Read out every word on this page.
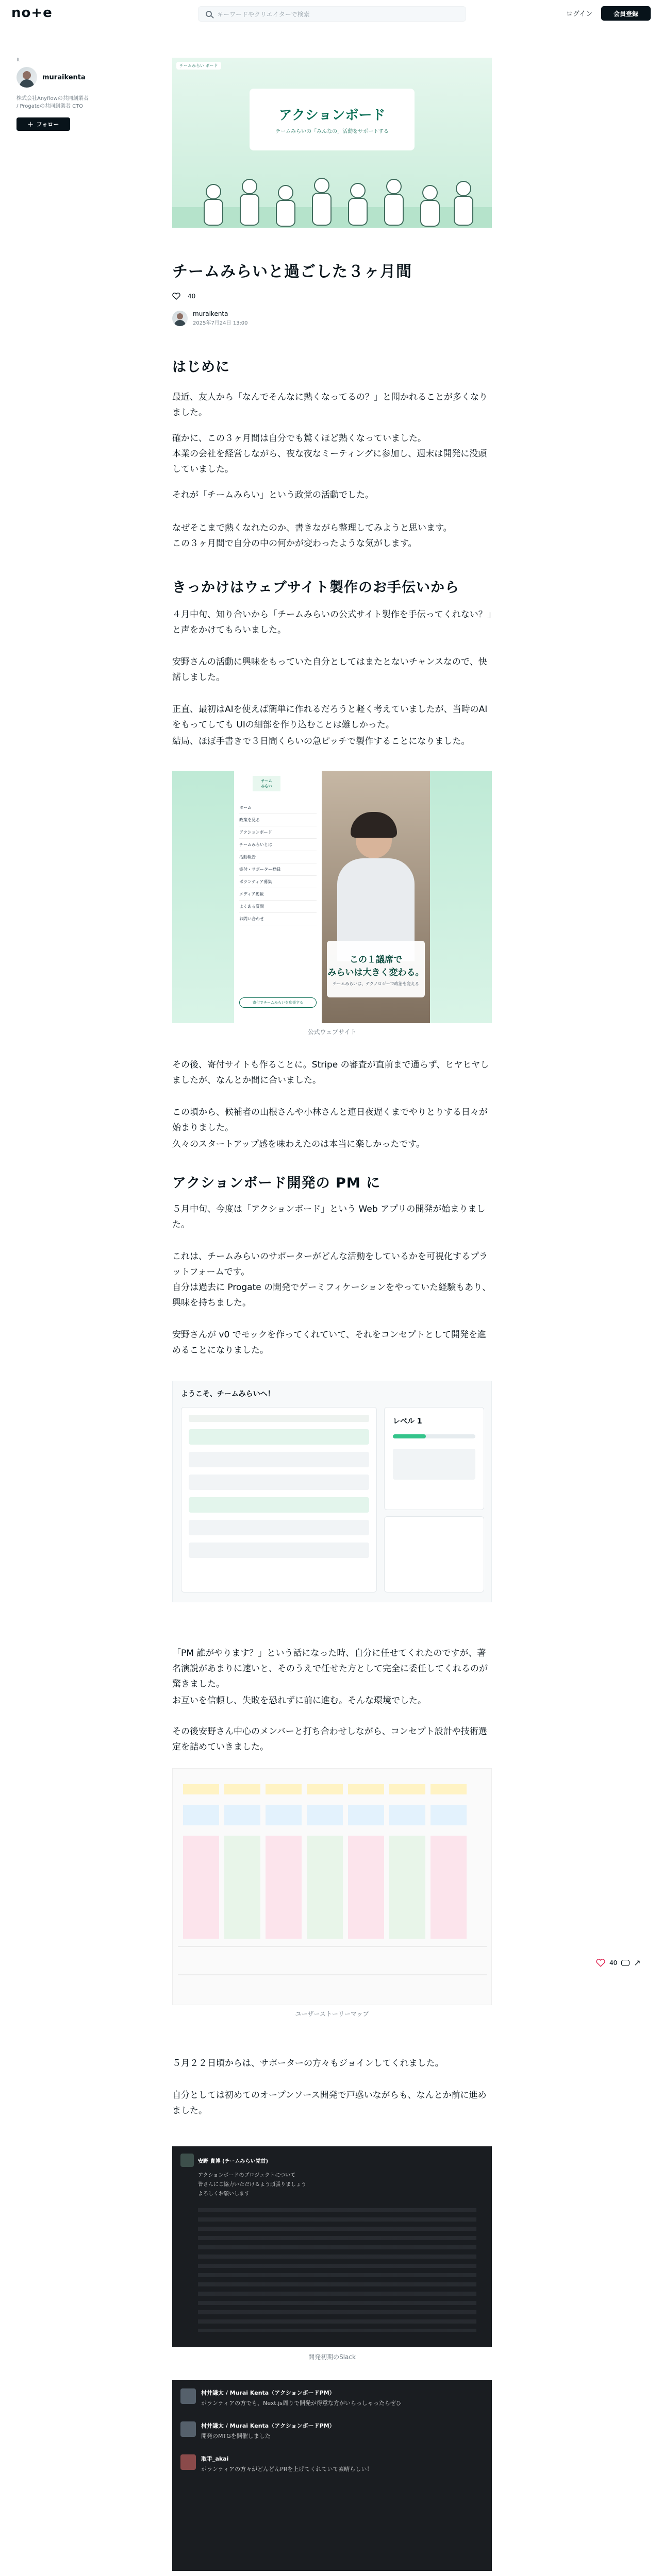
no+e	キーワードやクリエイターで検索	ログイン	会員登録
ft
muraikenta
株式会社Anyflowの共同創業者 / Progateの共同創業者 CTO
＋ フォロー
チームみらい ボード
アクションボード
チームみらいの「みんなの」活動をサポートする
チームみらいと過ごした３ヶ月間
40
muraikenta
2025年7月24日 13:00
はじめに
最近、友人から「なんでそんなに熱くなってるの？」と聞かれることが多くなりました。
確かに、この３ヶ月間は自分でも驚くほど熱くなっていました。
本業の会社を経営しながら、夜な夜なミーティングに参加し、週末は開発に没頭していました。
それが「チームみらい」という政党の活動でした。
なぜそこまで熱くなれたのか、書きながら整理してみようと思います。
この３ヶ月間で自分の中の何かが変わったような気がします。
きっかけはウェブサイト製作のお手伝いから
４月中旬、知り合いから「チームみらいの公式サイト製作を手伝ってくれない？」と声をかけてもらいました。
安野さんの活動に興味をもっていた自分としてはまたとないチャンスなので、快諾しました。
正直、最初はAIを使えば簡単に作れるだろうと軽く考えていましたが、当時のAIをもってしても UIの細部を作り込むことは難しかった。
結局、ほぼ手書きで３日間くらいの急ピッチで製作することになりました。
ホーム
政策を見る
アクションボード
チームみらいとは
活動報告
寄付・サポーター登録
ボランティア募集
メディア掲載
よくある質問
お問い合わせ
この１議席で
みらいは大きく変わる。
チームみらいは、テクノロジーで政治を変える
チーム
みらい
寄付でチームみらいを応援する
公式ウェブサイト
その後、寄付サイトも作ることに。Stripe の審査が直前まで通らず、ヒヤヒヤしましたが、なんとか間に合いました。
この頃から、候補者の山根さんや小林さんと連日夜遅くまでやりとりする日々が始まりました。
久々のスタートアップ感を味わえたのは本当に楽しかったです。
アクションボード開発の PM に
５月中旬、今度は「アクションボード」という Web アプリの開発が始まりました。
これは、チームみらいのサポーターがどんな活動をしているかを可視化するプラットフォームです。
自分は過去に Progate の開発でゲーミフィケーションをやっていた経験もあり、興味を持ちました。
安野さんが v0 でモックを作ってくれていて、それをコンセプトとして開発を進めることになりました。
ようこそ、チームみらいへ！
レベル 1
「PM 誰がやります？」という話になった時、自分に任せてくれたのですが、著名演説があまりに速いと、そのうえで任せた方として完全に委任してくれるのが驚きました。
お互いを信頼し、失敗を恐れずに前に進む。そんな環境でした。
その後安野さん中心のメンバーと打ち合わせしながら、コンセプト設計や技術選定を詰めていきました。
ユーザーストーリーマップ
５月２２日頃からは、サポーターの方々もジョインしてくれました。
自分としては初めてのオープンソース開発で戸惑いながらも、なんとか前に進めました。
安野 貴博 (チームみらい党首)
アクションボードのプロジェクトについて
皆さんにご協力いただけるよう頑張りましょう
よろしくお願いします
開発初期のSlack
村井謙太 / Murai Kenta（アクションボードPM）
ボランティアの方でも、Next.js周りで開発が得意な方がいらっしゃったらぜひ
村井謙太 / Murai Kenta（アクションボードPM）
開発のMTGを開催しました
取手_akai
ボランティアの方々がどんどんPRを上げてくれていて素晴らしい！
40 ↗
